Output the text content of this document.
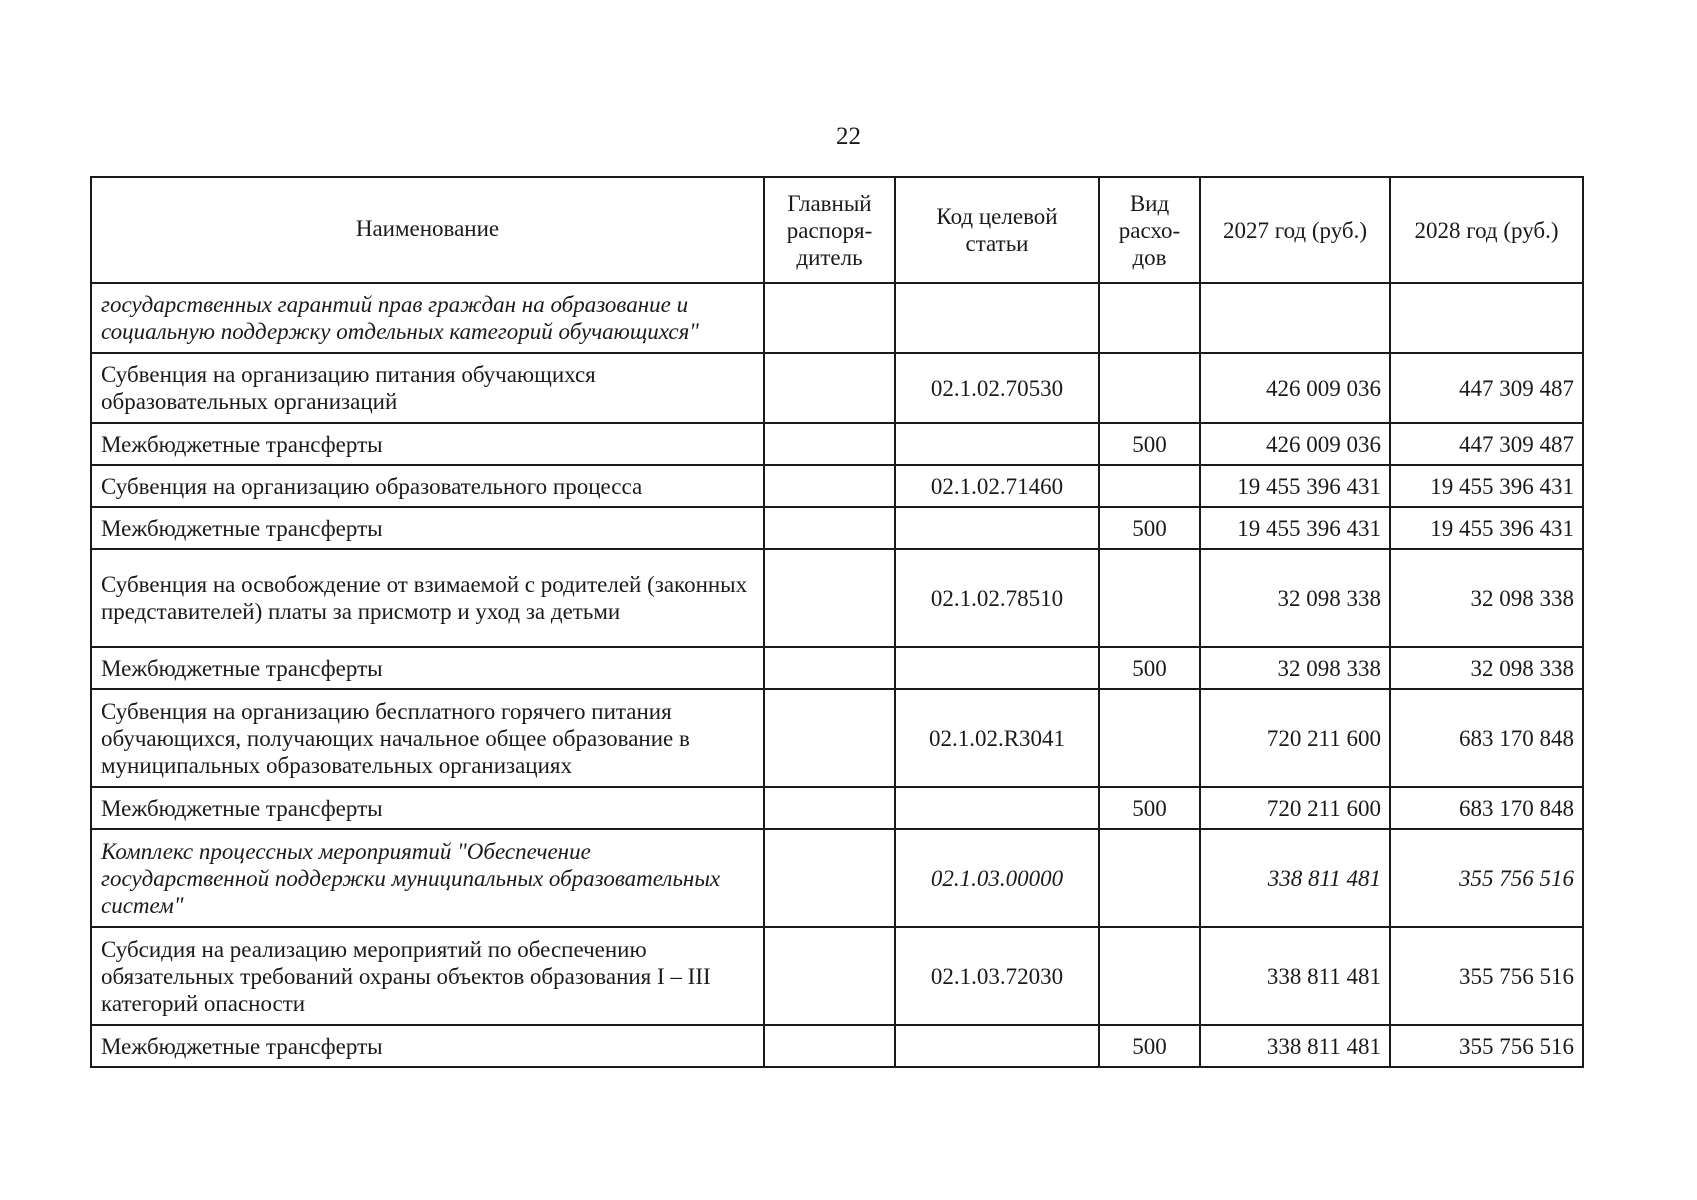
22
Наименование	Главный распоря-дитель	Код целевой статьи	Вид расхо-дов	2027 год (руб.)	2028 год (руб.)
государственных гарантий прав граждан на образование и социальную поддержку отдельных категорий обучающихся"					
Субвенция на организацию питания обучающихся образовательных организаций		02.1.02.70530		426 009 036	447 309 487
Межбюджетные трансферты			500	426 009 036	447 309 487
Субвенция на организацию образовательного процесса		02.1.02.71460		19 455 396 431	19 455 396 431
Межбюджетные трансферты			500	19 455 396 431	19 455 396 431
Субвенция на освобождение от взимаемой с родителей (законных представителей) платы за присмотр и уход за детьми		02.1.02.78510		32 098 338	32 098 338
Межбюджетные трансферты			500	32 098 338	32 098 338
Субвенция на организацию бесплатного горячего питания обучающихся, получающих начальное общее образование в муниципальных образовательных организациях		02.1.02.R3041		720 211 600	683 170 848
Межбюджетные трансферты			500	720 211 600	683 170 848
Комплекс процессных мероприятий "Обеспечение государственной поддержки муниципальных образовательных систем"		02.1.03.00000		338 811 481	355 756 516
Субсидия на реализацию мероприятий по обеспечению обязательных требований охраны объектов образования I – III категорий опасности		02.1.03.72030		338 811 481	355 756 516
Межбюджетные трансферты			500	338 811 481	355 756 516
